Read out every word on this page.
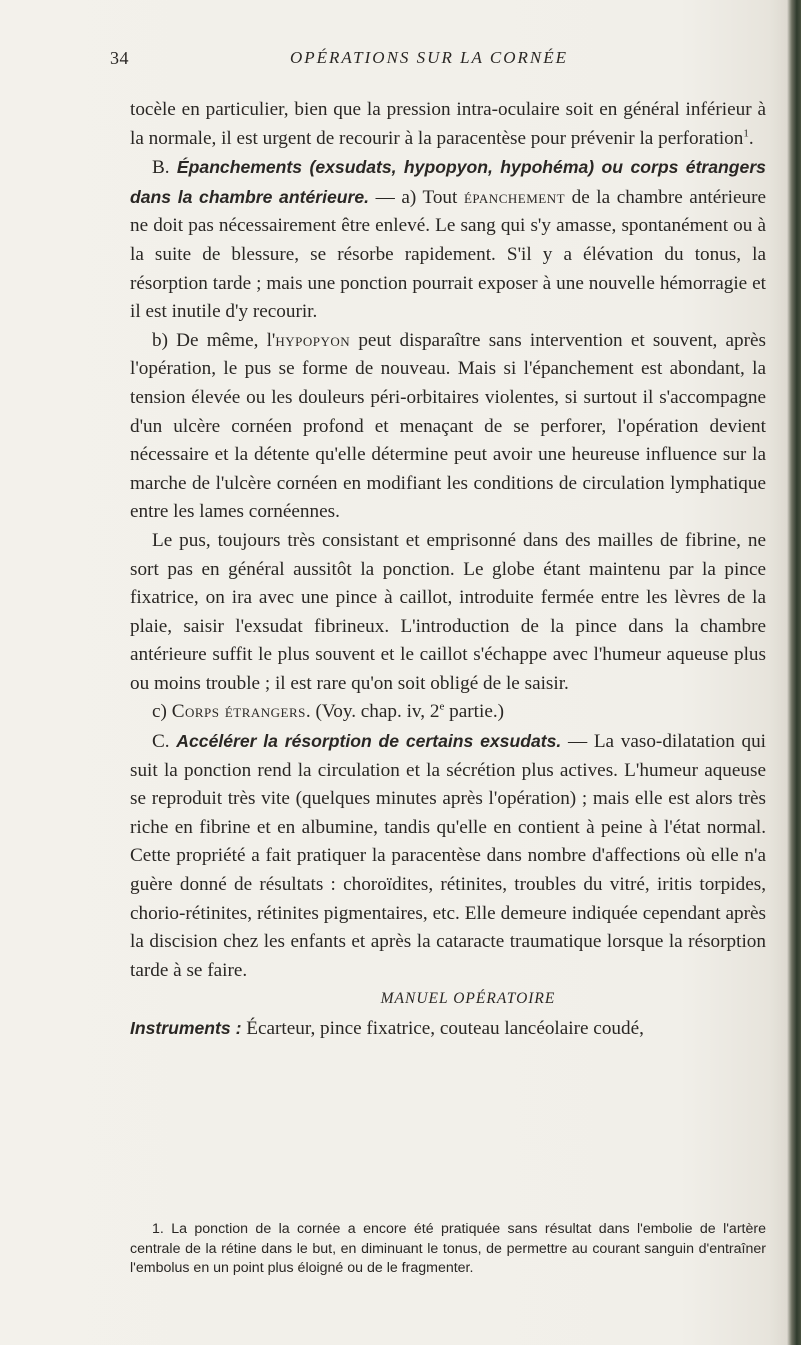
34	OPÉRATIONS SUR LA CORNÉE

tocèle en particulier, bien que la pression intra-oculaire soit en général inférieur à la normale, il est urgent de recourir à la paracentèse pour prévenir la perforation$^1$.

B. Épanchements (exsudats, hypopyon, hypohéma) ou corps étrangers dans la chambre antérieure. — a) Tout épanchement de la chambre antérieure ne doit pas nécessairement être enlevé. Le sang qui s'y amasse, spontanément ou à la suite de blessure, se résorbe rapidement. S'il y a élévation du tonus, la résorption tarde ; mais une ponction pourrait exposer à une nouvelle hémorragie et il est inutile d'y recourir.

b) De même, l'hypopyon peut disparaître sans intervention et souvent, après l'opération, le pus se forme de nouveau. Mais si l'épanchement est abondant, la tension élevée ou les douleurs péri-orbitaires violentes, si surtout il s'accompagne d'un ulcère cornéen profond et menaçant de se perforer, l'opération devient nécessaire et la détente qu'elle détermine peut avoir une heureuse influence sur la marche de l'ulcère cornéen en modifiant les conditions de circulation lymphatique entre les lames cornéennes.

Le pus, toujours très consistant et emprisonné dans des mailles de fibrine, ne sort pas en général aussitôt la ponction. Le globe étant maintenu par la pince fixatrice, on ira avec une pince à caillot, introduite fermée entre les lèvres de la plaie, saisir l'exsudat fibrineux. L'introduction de la pince dans la chambre antérieure suffit le plus souvent et le caillot s'échappe avec l'humeur aqueuse plus ou moins trouble ; il est rare qu'on soit obligé de le saisir.

c) Corps étrangers. (Voy. chap. iv, 2e partie.)

C. Accélérer la résorption de certains exsudats. — La vaso-dilatation qui suit la ponction rend la circulation et la sécrétion plus actives. L'humeur aqueuse se reproduit très vite (quelques minutes après l'opération) ; mais elle est alors très riche en fibrine et en albumine, tandis qu'elle en contient à peine à l'état normal. Cette propriété a fait pratiquer la paracentèse dans nombre d'affections où elle n'a guère donné de résultats : choroïdites, rétinites, troubles du vitré, iritis torpides, chorio-rétinites, rétinites pigmentaires, etc. Elle demeure indiquée cependant après la discision chez les enfants et après la cataracte traumatique lorsque la résorption tarde à se faire.

MANUEL OPÉRATOIRE

Instruments : Écarteur, pince fixatrice, couteau lancéolaire coudé,

1. La ponction de la cornée a encore été pratiquée sans résultat dans l'embolie de l'artère centrale de la rétine dans le but, en diminuant le tonus, de permettre au courant sanguin d'entraîner l'embolus en un point plus éloigné ou de le fragmenter.
